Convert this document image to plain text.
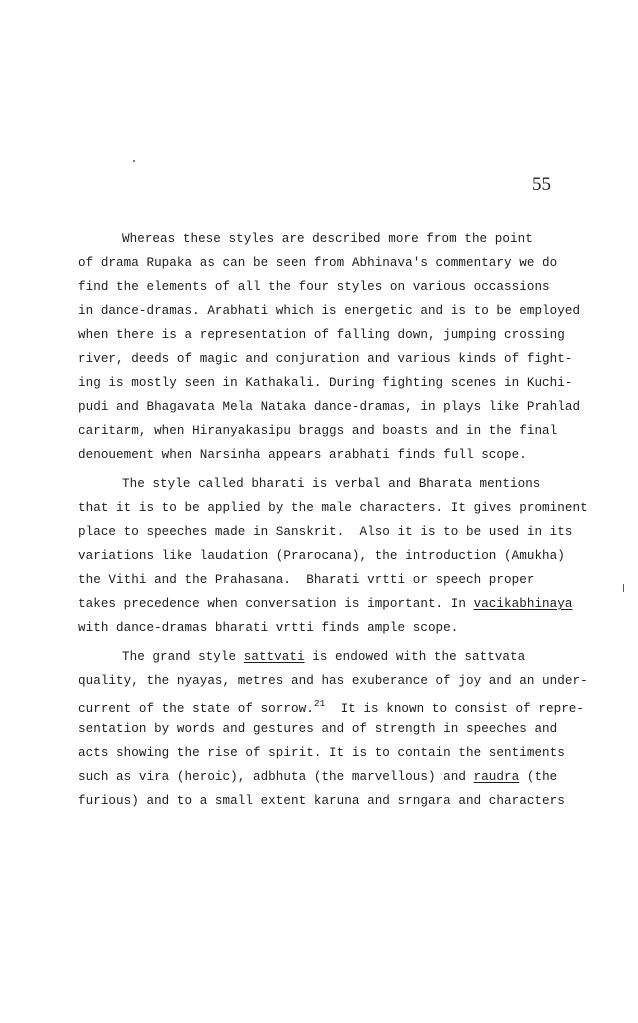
55
Whereas these styles are described more from the point
of drama Rupaka as can be seen from Abhinava's commentary we do
find the elements of all the four styles on various occassions
in dance-dramas. Arabhati which is energetic and is to be employed
when there is a representation of falling down, jumping crossing
river, deeds of magic and conjuration and various kinds of fight-
ing is mostly seen in Kathakali. During fighting scenes in Kuchi-
pudi and Bhagavata Mela Nataka dance-dramas, in plays like Prahlad
caritarm, when Hiranyakasipu braggs and boasts and in the final
denouement when Narsinha appears arabhati finds full scope.
The style called bharati is verbal and Bharata mentions
that it is to be applied by the male characters. It gives prominent
place to speeches made in Sanskrit.  Also it is to be used in its
variations like laudation (Prarocana), the introduction (Amukha)
the Vithi and the Prahasana.  Bharati vrtti or speech proper
takes precedence when conversation is important. In vacikabhinaya
with dance-dramas bharati vrtti finds ample scope.
The grand style sattvati is endowed with the sattvata
quality, the nyayas, metres and has exuberance of joy and an under-
current of the state of sorrow.$^{21}$  It is known to consist of repre-
sentation by words and gestures and of strength in speeches and
acts showing the rise of spirit. It is to contain the sentiments
such as vira (heroic), adbhuta (the marvellous) and raudra (the
furious) and to a small extent karuna and srngara and characters
